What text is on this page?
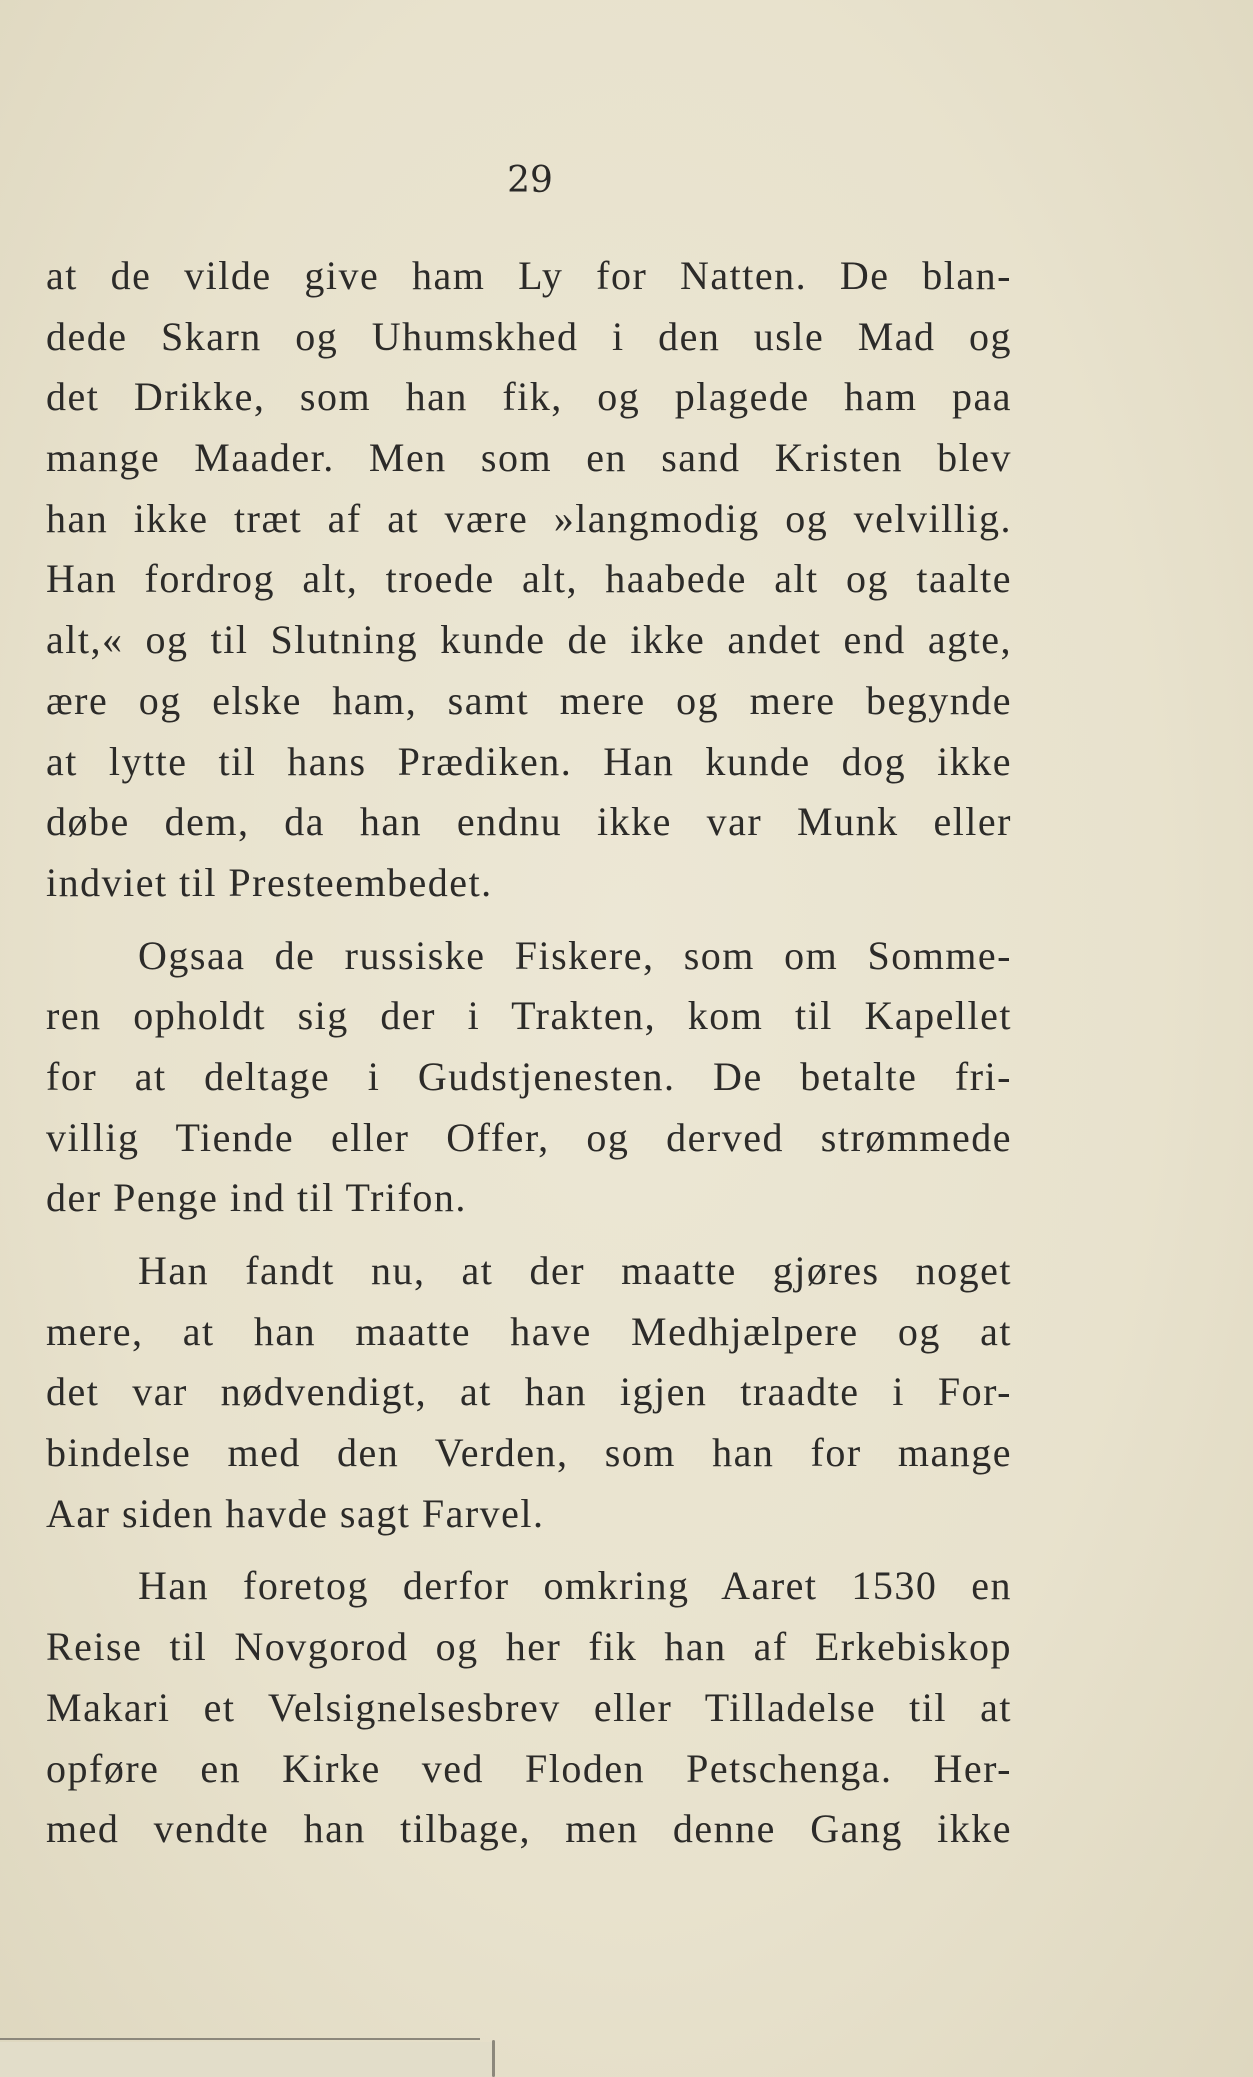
29
at de vilde give ham Ly for Natten. De blan-
dede Skarn og Uhumskhed i den usle Mad og
det Drikke, som han fik, og plagede ham paa
mange Maader. Men som en sand Kristen blev
han ikke træt af at være »langmodig og velvillig.
Han fordrog alt, troede alt, haabede alt og taalte
alt,« og til Slutning kunde de ikke andet end agte,
ære og elske ham, samt mere og mere begynde
at lytte til hans Prædiken. Han kunde dog ikke
døbe dem, da han endnu ikke var Munk eller
indviet til Presteembedet.
Ogsaa de russiske Fiskere, som om Somme-
ren opholdt sig der i Trakten, kom til Kapellet
for at deltage i Gudstjenesten. De betalte fri-
villig Tiende eller Offer, og derved strømmede
der Penge ind til Trifon.
Han fandt nu, at der maatte gjøres noget
mere, at han maatte have Medhjælpere og at
det var nødvendigt, at han igjen traadte i For-
bindelse med den Verden, som han for mange
Aar siden havde sagt Farvel.
Han foretog derfor omkring Aaret 1530 en
Reise til Novgorod og her fik han af Erkebiskop
Makari et Velsignelsesbrev eller Tilladelse til at
opføre en Kirke ved Floden Petschenga. Her-
med vendte han tilbage, men denne Gang ikke
